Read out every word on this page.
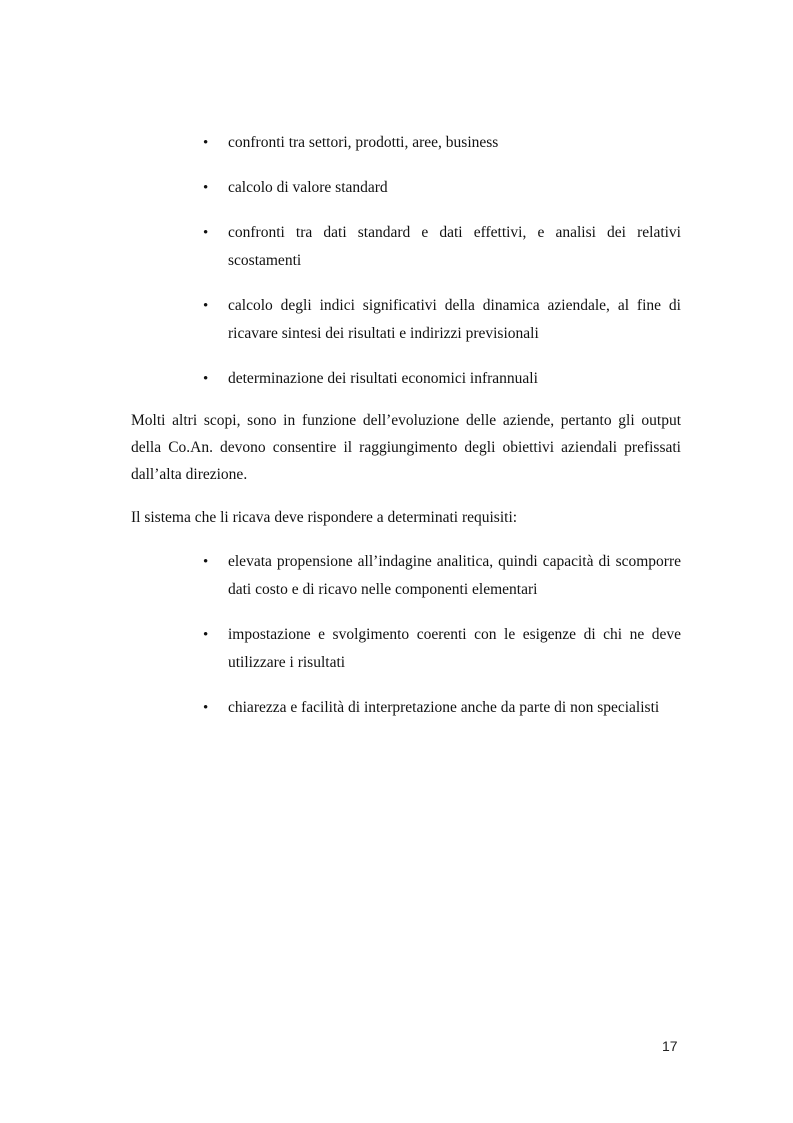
•	confronti tra settori, prodotti, aree, business
•	calcolo di valore standard
•	confronti tra dati standard e dati effettivi, e analisi dei relativi scostamenti
•	calcolo degli indici significativi della dinamica aziendale, al fine di ricavare sintesi dei risultati e indirizzi previsionali
•	determinazione dei risultati economici infrannuali

Molti altri scopi, sono in funzione dell’evoluzione delle aziende, pertanto gli output della Co.An. devono consentire il raggiungimento degli obiettivi aziendali prefissati dall’alta direzione.

Il sistema che li ricava deve rispondere a determinati requisiti:

•	elevata propensione all’indagine analitica, quindi capacità di scomporre dati costo e di ricavo nelle componenti elementari
•	impostazione e svolgimento coerenti con le esigenze di chi ne deve utilizzare i risultati
•	chiarezza e facilità di interpretazione anche da parte di non specialisti
17
